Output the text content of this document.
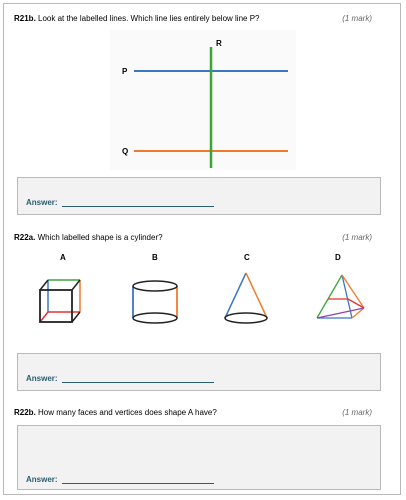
R21b. Look at the labelled lines. Which line lies entirely below line P?	(1 mark)
R
P
Q
Answer:
R22a. Which labelled shape is a cylinder?	(1 mark)
A	B	C	D
Answer:
R22b. How many faces and vertices does shape A have?	(1 mark)
Answer:
